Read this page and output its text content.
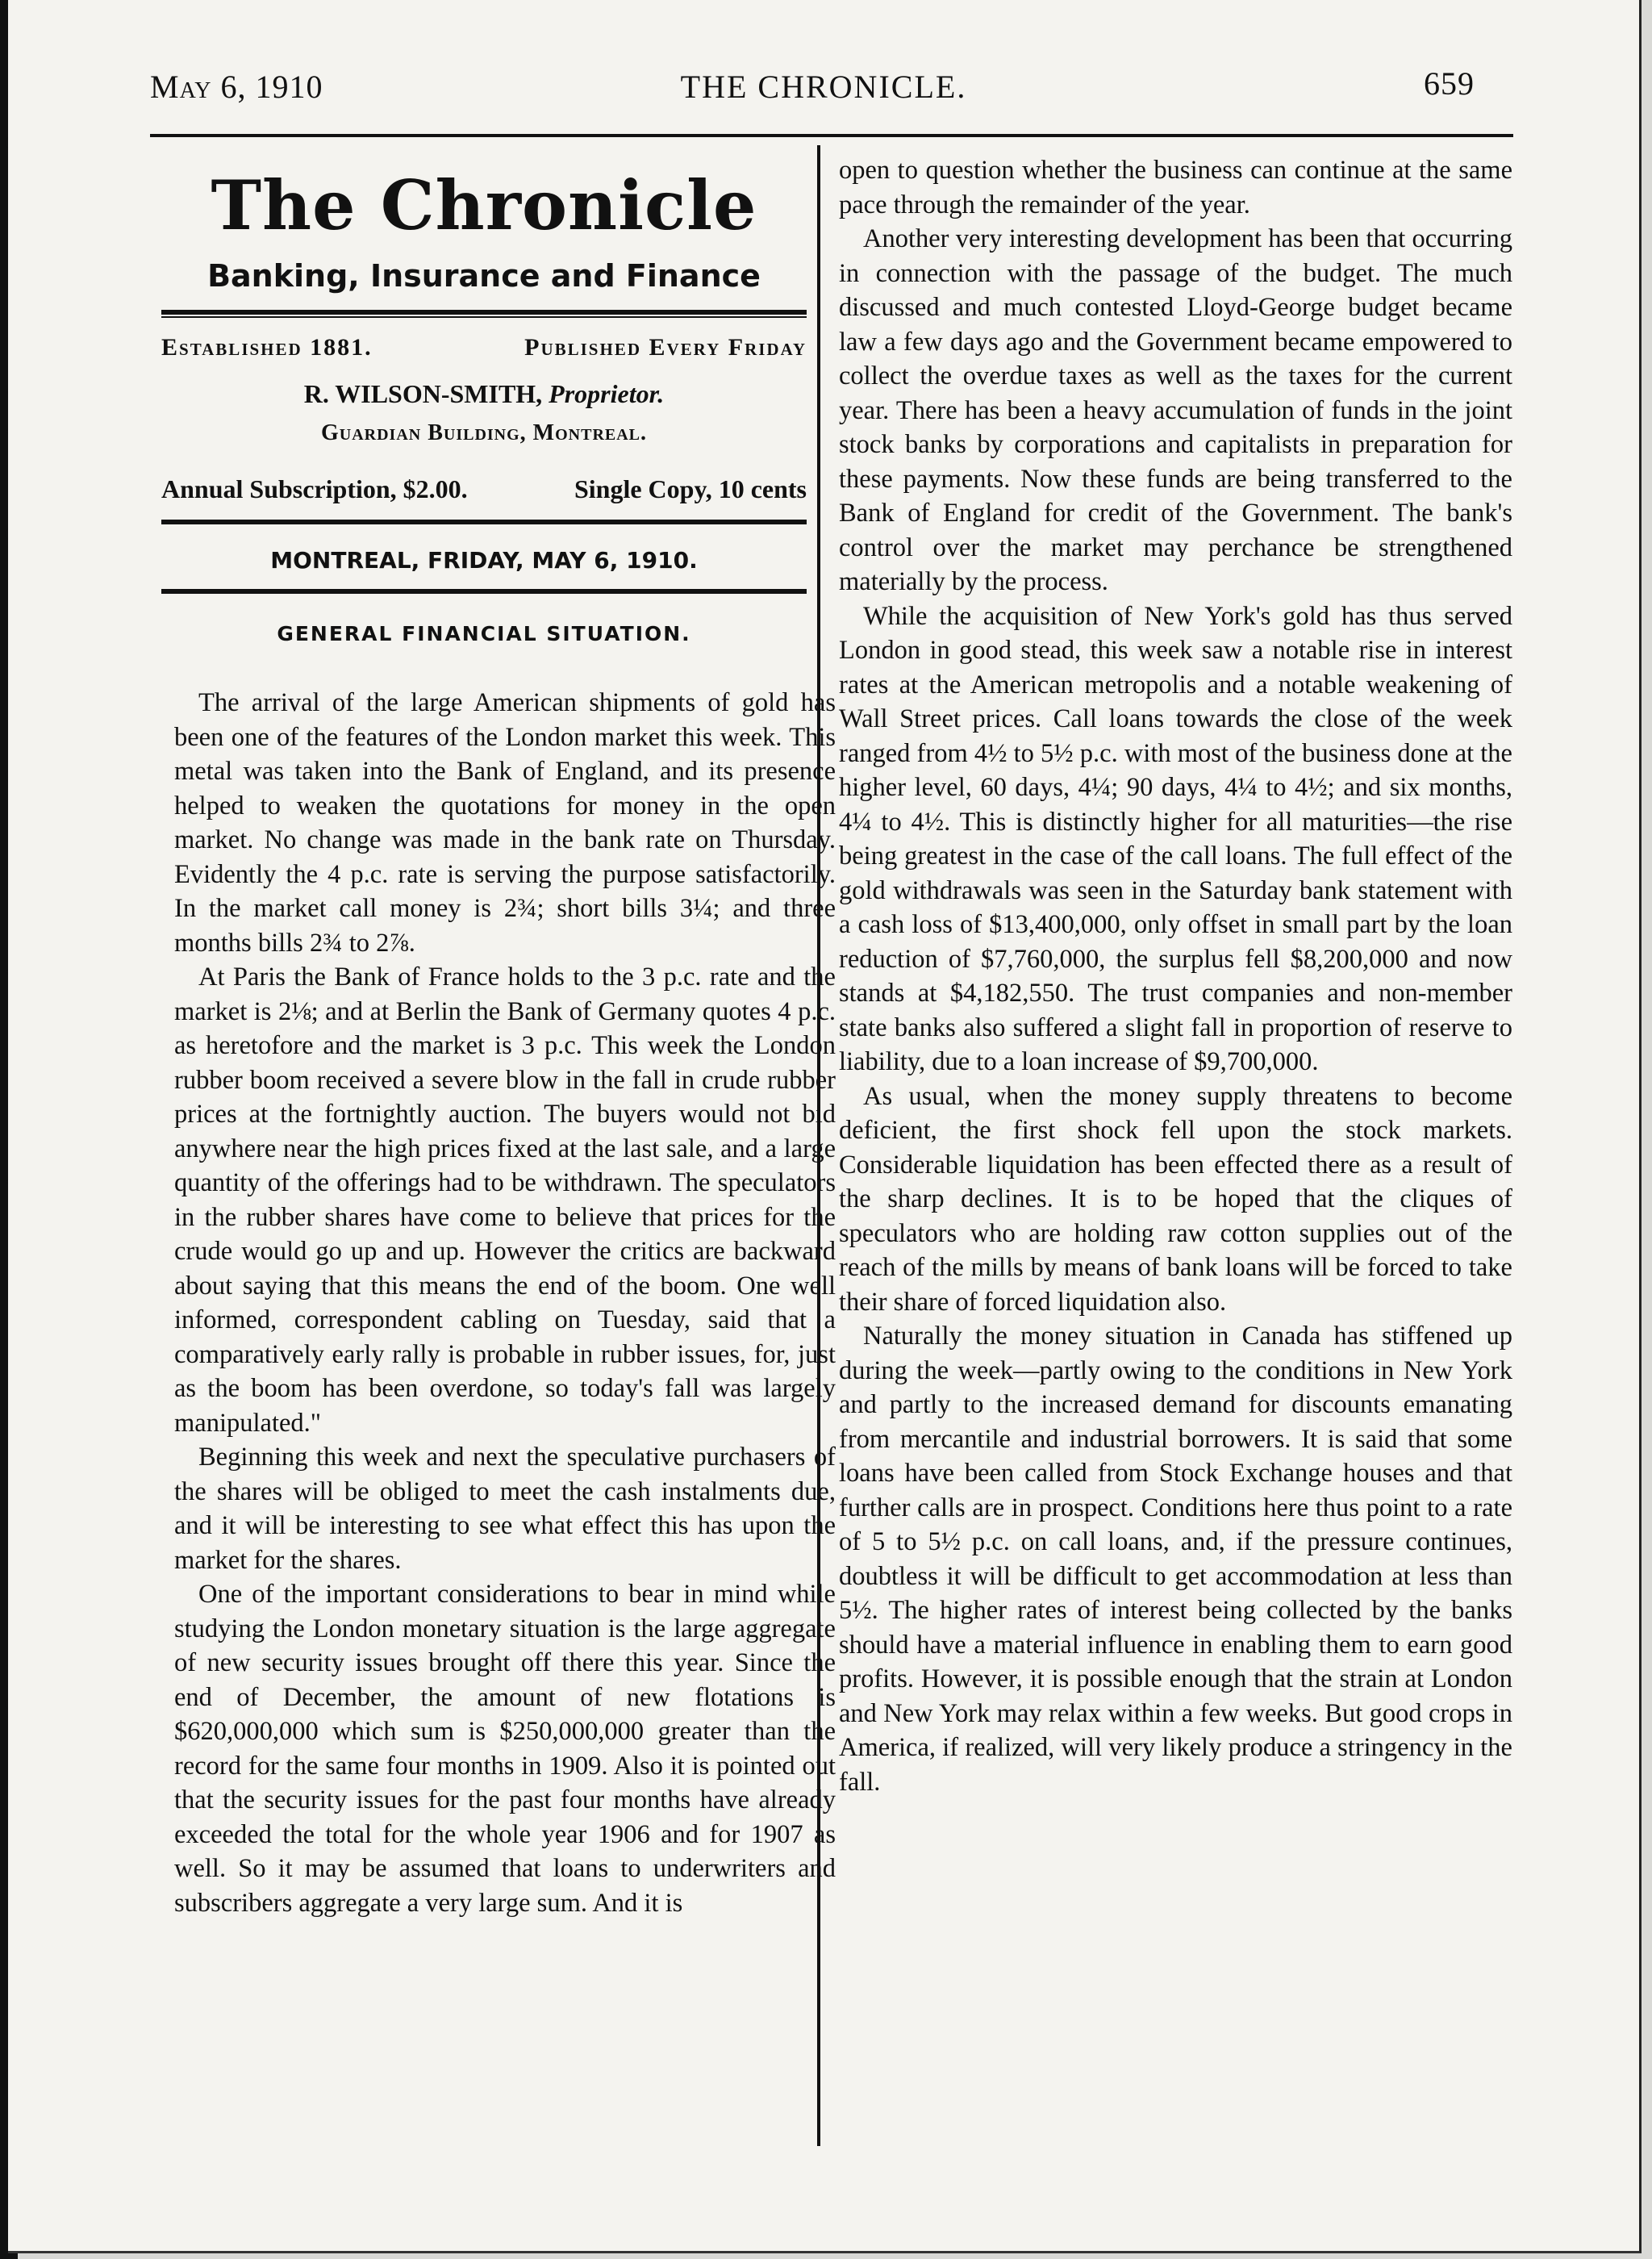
May 6, 1910	THE CHRONICLE.	659
The Chronicle
Banking, Insurance and Finance
Established 1881.	Published Every Friday
R. WILSON-SMITH, Proprietor.
Guardian Building, Montreal.
Annual Subscription, $2.00.	Single Copy, 10 cents
MONTREAL, FRIDAY, MAY 6, 1910.
GENERAL FINANCIAL SITUATION.

The arrival of the large American shipments of gold has been one of the features of the London market this week. This metal was taken into the Bank of England, and its presence helped to weaken the quotations for money in the open market. No change was made in the bank rate on Thursday. Evidently the 4 p.c. rate is serving the purpose satisfactorily. In the market call money is 2¾; short bills 3¼; and three months bills 2¾ to 2⅞.

At Paris the Bank of France holds to the 3 p.c. rate and the market is 2⅛; and at Berlin the Bank of Germany quotes 4 p.c. as heretofore and the market is 3 p.c. This week the London rubber boom received a severe blow in the fall in crude rubber prices at the fortnightly auction. The buyers would not bid anywhere near the high prices fixed at the last sale, and a large quantity of the offerings had to be withdrawn. The speculators in the rubber shares have come to believe that prices for the crude would go up and up. However the critics are backward about saying that this means the end of the boom. One well informed, correspondent cabling on Tuesday, said that a comparatively early rally is probable in rubber issues, for, just as the boom has been overdone, so today's fall was largely manipulated."

Beginning this week and next the speculative purchasers of the shares will be obliged to meet the cash instalments due, and it will be interesting to see what effect this has upon the market for the shares.

One of the important considerations to bear in mind while studying the London monetary situation is the large aggregate of new security issues brought off there this year. Since the end of December, the amount of new flotations is $620,000,000 which sum is $250,000,000 greater than the record for the same four months in 1909. Also it is pointed out that the security issues for the past four months have already exceeded the total for the whole year 1906 and for 1907 as well. So it may be assumed that loans to underwriters and subscribers aggregate a very large sum. And it is

open to question whether the business can continue at the same pace through the remainder of the year.

Another very interesting development has been that occurring in connection with the passage of the budget. The much discussed and much contested Lloyd-George budget became law a few days ago and the Government became empowered to collect the overdue taxes as well as the taxes for the current year. There has been a heavy accumulation of funds in the joint stock banks by corporations and capitalists in preparation for these payments. Now these funds are being transferred to the Bank of England for credit of the Government. The bank's control over the market may perchance be strengthened materially by the process.

While the acquisition of New York's gold has thus served London in good stead, this week saw a notable rise in interest rates at the American metropolis and a notable weakening of Wall Street prices. Call loans towards the close of the week ranged from 4½ to 5½ p.c. with most of the business done at the higher level, 60 days, 4¼; 90 days, 4¼ to 4½; and six months, 4¼ to 4½. This is distinctly higher for all maturities—the rise being greatest in the case of the call loans. The full effect of the gold withdrawals was seen in the Saturday bank statement with a cash loss of $13,400,000, only offset in small part by the loan reduction of $7,760,000, the surplus fell $8,200,000 and now stands at $4,182,550. The trust companies and non-member state banks also suffered a slight fall in proportion of reserve to liability, due to a loan increase of $9,700,000.

As usual, when the money supply threatens to become deficient, the first shock fell upon the stock markets. Considerable liquidation has been effected there as a result of the sharp declines. It is to be hoped that the cliques of speculators who are holding raw cotton supplies out of the reach of the mills by means of bank loans will be forced to take their share of forced liquidation also.

Naturally the money situation in Canada has stiffened up during the week—partly owing to the conditions in New York and partly to the increased demand for discounts emanating from mercantile and industrial borrowers. It is said that some loans have been called from Stock Exchange houses and that further calls are in prospect. Conditions here thus point to a rate of 5 to 5½ p.c. on call loans, and, if the pressure continues, doubtless it will be difficult to get accommodation at less than 5½. The higher rates of interest being collected by the banks should have a material influence in enabling them to earn good profits. However, it is possible enough that the strain at London and New York may relax within a few weeks. But good crops in America, if realized, will very likely produce a stringency in the fall.
